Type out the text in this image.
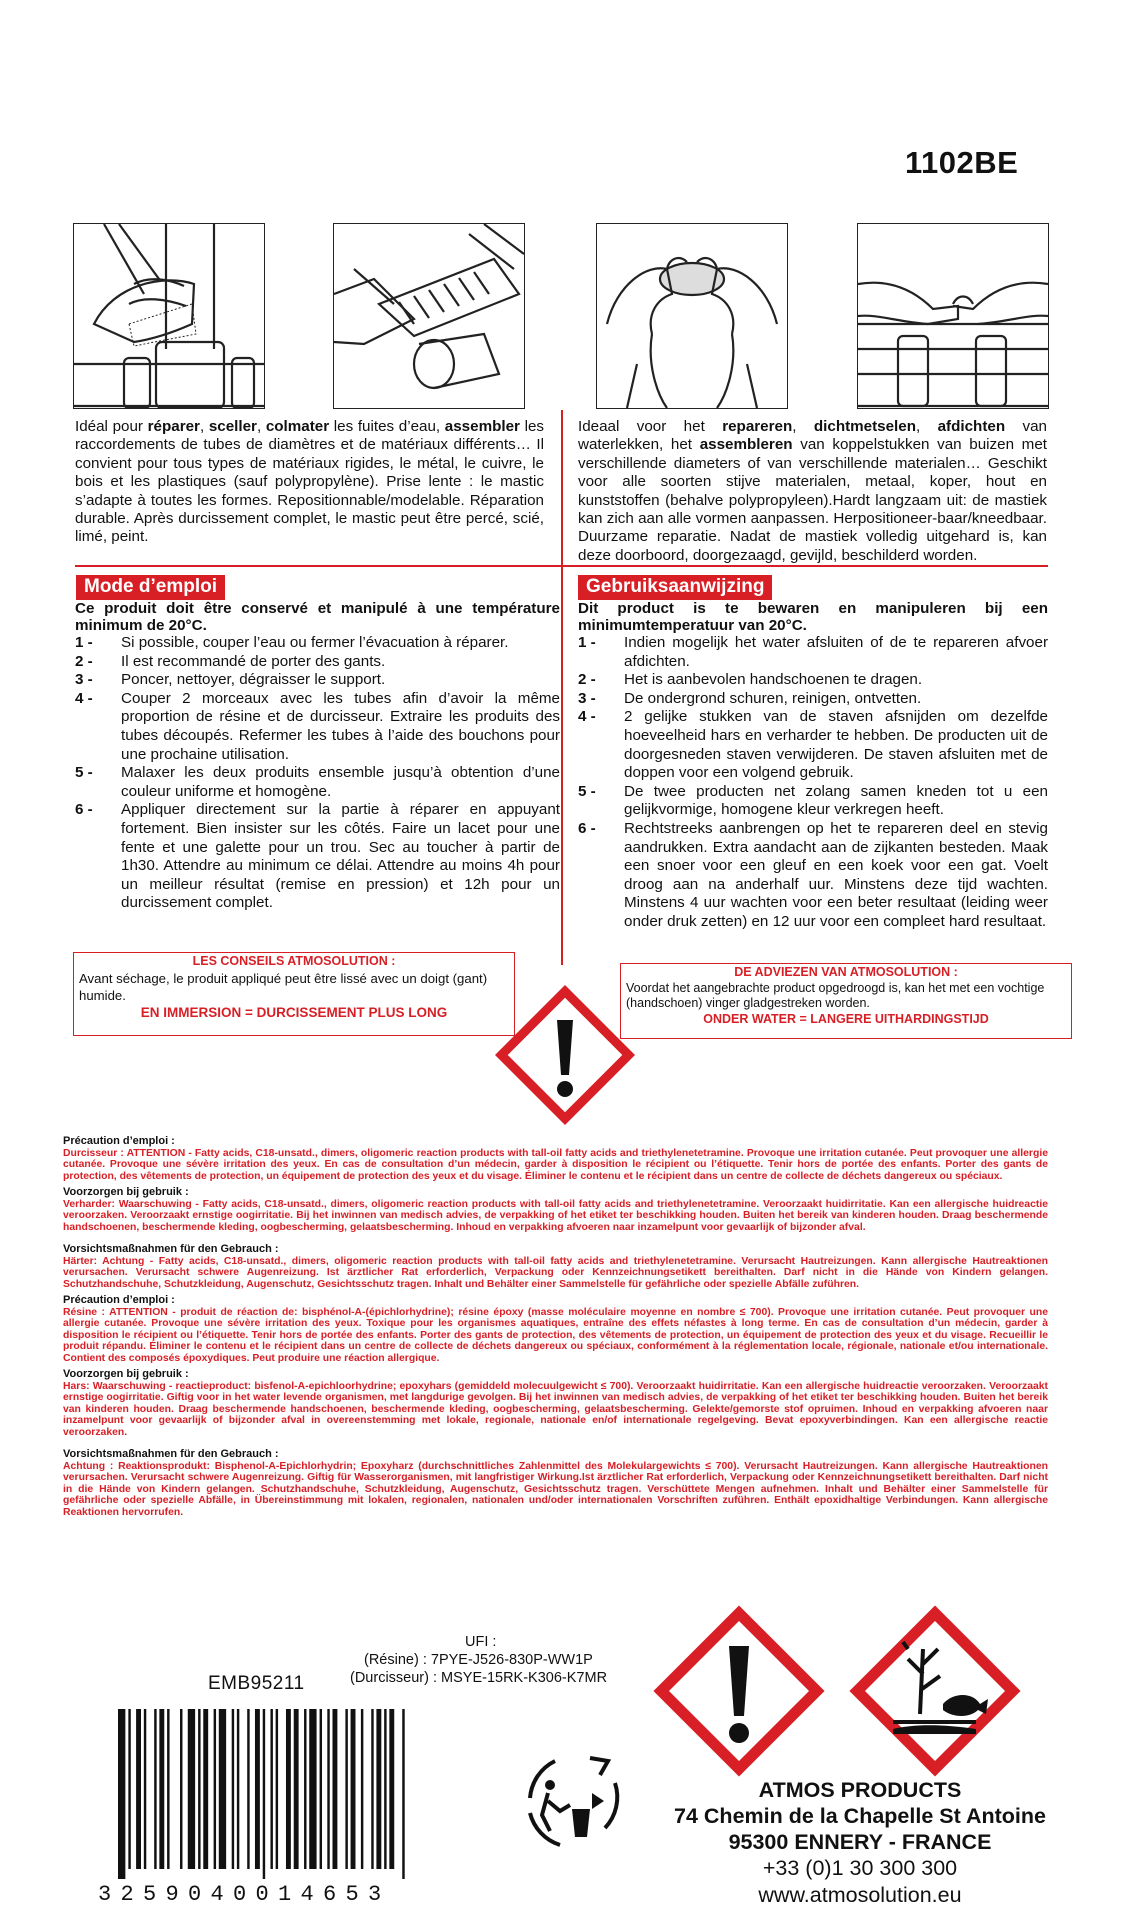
1102BE
Idéal pour réparer, sceller, colmater les fuites d’eau, assembler les raccordements de tubes de diamètres et de matériaux différents… Il convient pour tous types de matériaux rigides, le métal, le cuivre, le bois et les plastiques (sauf polypropylène). Prise lente : le mastic s’adapte à toutes les formes. Repositionnable/modelable. Réparation durable. Après durcissement complet, le mastic peut être percé, scié, limé, peint.
Ideaal voor het repareren, dichtmetselen, afdichten van waterlekken, het assembleren van koppelstukken van buizen met verschillende diameters of van verschillende materialen… Geschikt voor alle soorten stijve materialen, metaal, koper, hout en kunststoffen (behalve polypropyleen).Hardt langzaam uit: de mastiek kan zich aan alle vormen aanpassen. Herpositioneer-baar/kneedbaar. Duurzame reparatie. Nadat de mastiek volledig uitgehard is, kan deze doorboord, doorgezaagd, gevijld, beschilderd worden.
Mode d’emploi	Gebruiksaanwijzing
Ce produit doit être conservé et manipulé à une température minimum de 20°C.
1 -	Si possible, couper l’eau ou fermer l’évacuation à réparer.
2 -	Il est recommandé de porter des gants.
3 -	Poncer, nettoyer, dégraisser le support.
4 -	Couper 2 morceaux avec les tubes afin d’avoir la même proportion de résine et de durcisseur. Extraire les produits des tubes découpés. Refermer les tubes à l’aide des bouchons pour une prochaine utilisation.
5 -	Malaxer les deux produits ensemble jusqu’à obtention d’une couleur uniforme et homogène.
6 -	Appliquer directement sur la partie à réparer en appuyant fortement. Bien insister sur les côtés. Faire un lacet pour une fente et une galette pour un trou. Sec au toucher à partir de 1h30. Attendre au minimum ce délai. Attendre au moins 4h pour un meilleur résultat (remise en pression) et 12h pour un durcissement complet.
Dit product is te bewaren en manipuleren bij een minimumtemperatuur van 20°C.
1 -	Indien mogelijk het water afsluiten of de te repareren afvoer afdichten.
2 -	Het is aanbevolen handschoenen te dragen.
3 -	De ondergrond schuren, reinigen, ontvetten.
4 -	2 gelijke stukken van de staven afsnijden om dezelfde hoeveelheid hars en verharder te hebben. De producten uit de doorgesneden staven verwijderen. De staven afsluiten met de doppen voor een volgend gebruik.
5 -	De twee producten net zolang samen kneden tot u een gelijkvormige, homogene kleur verkregen heeft.
6 -	Rechtstreeks aanbrengen op het te repareren deel en stevig aandrukken. Extra aandacht aan de zijkanten besteden. Maak een snoer voor een gleuf en een koek voor een gat. Voelt droog aan na anderhalf uur. Minstens deze tijd wachten. Minstens 4 uur wachten voor een beter resultaat (leiding weer onder druk zetten) en 12 uur voor een compleet hard resultaat.
LES CONSEILS ATMOSOLUTION :
Avant séchage, le produit appliqué peut être lissé avec un doigt (gant) humide.
EN IMMERSION = DURCISSEMENT PLUS LONG
DE ADVIEZEN VAN ATMOSOLUTION :
Voordat het aangebrachte product opgedroogd is, kan het met een vochtige (handschoen) vinger gladgestreken worden.
ONDER WATER = LANGERE UITHARDINGSTIJD
Précaution d’emploi :
Durcisseur : ATTENTION - Fatty acids, C18-unsatd., dimers, oligomeric reaction products with tall-oil fatty acids and triethylenetetramine. Provoque une irritation cutanée. Peut provoquer une allergie cutanée. Provoque une sévère irritation des yeux. En cas de consultation d’un médecin, garder à disposition le récipient ou l’étiquette. Tenir hors de portée des enfants. Porter des gants de protection, des vêtements de protection, un équipement de protection des yeux et du visage. Éliminer le contenu et le récipient dans un centre de collecte de déchets dangereux ou spéciaux.
Voorzorgen bij gebruik :
Verharder: Waarschuwing - Fatty acids, C18-unsatd., dimers, oligomeric reaction products with tall-oil fatty acids and triethylenetetramine. Veroorzaakt huidirritatie. Kan een allergische huidreactie veroorzaken. Veroorzaakt ernstige oogirritatie. Bij het inwinnen van medisch advies, de verpakking of het etiket ter beschikking houden. Buiten het bereik van kinderen houden. Draag beschermende handschoenen, beschermende kleding, oogbescherming, gelaatsbescherming. Inhoud en verpakking afvoeren naar inzamelpunt voor gevaarlijk of bijzonder afval.
Vorsichtsmaßnahmen für den Gebrauch :
Härter: Achtung - Fatty acids, C18-unsatd., dimers, oligomeric reaction products with tall-oil fatty acids and triethylenetetramine. Verursacht Hautreizungen. Kann allergische Hautreaktionen verursachen. Verursacht schwere Augenreizung. Ist ärztlicher Rat erforderlich, Verpackung oder Kennzeichnungsetikett bereithalten. Darf nicht in die Hände von Kindern gelangen. Schutzhandschuhe, Schutzkleidung, Augenschutz, Gesichtsschutz tragen. Inhalt und Behälter einer Sammelstelle für gefährliche oder spezielle Abfälle zuführen.
Précaution d’emploi :
Résine : ATTENTION - produit de réaction de: bisphénol-A-(épichlorhydrine); résine époxy (masse moléculaire moyenne en nombre ≤ 700). Provoque une irritation cutanée. Peut provoquer une allergie cutanée. Provoque une sévère irritation des yeux. Toxique pour les organismes aquatiques, entraîne des effets néfastes à long terme. En cas de consultation d’un médecin, garder à disposition le récipient ou l’étiquette. Tenir hors de portée des enfants. Porter des gants de protection, des vêtements de protection, un équipement de protection des yeux et du visage. Recueillir le produit répandu. Éliminer le contenu et le récipient dans un centre de collecte de déchets dangereux ou spéciaux, conformément à la réglementation locale, régionale, nationale et/ou internationale. Contient des composés époxydiques. Peut produire une réaction allergique.
Voorzorgen bij gebruik :
Hars: Waarschuwing - reactieproduct: bisfenol-A-epichloorhydrine; epoxyhars (gemiddeld molecuulgewicht ≤ 700). Veroorzaakt huidirritatie. Kan een allergische huidreactie veroorzaken. Veroorzaakt ernstige oogirritatie. Giftig voor in het water levende organismen, met langdurige gevolgen. Bij het inwinnen van medisch advies, de verpakking of het etiket ter beschikking houden. Buiten het bereik van kinderen houden. Draag beschermende handschoenen, beschermende kleding, oogbescherming, gelaatsbescherming. Gelekte/gemorste stof opruimen. Inhoud en verpakking afvoeren naar inzamelpunt voor gevaarlijk of bijzonder afval in overeenstemming met lokale, regionale, nationale en/of internationale regelgeving. Bevat epoxyverbindingen. Kan een allergische reactie veroorzaken.
Vorsichtsmaßnahmen für den Gebrauch :
Achtung : Reaktionsprodukt: Bisphenol-A-Epichlorhydrin; Epoxyharz (durchschnittliches Zahlenmittel des Molekulargewichts ≤ 700). Verursacht Hautreizungen. Kann allergische Hautreaktionen verursachen. Verursacht schwere Augenreizung. Giftig für Wasserorganismen, mit langfristiger Wirkung.Ist ärztlicher Rat erforderlich, Verpackung oder Kennzeichnungsetikett bereithalten. Darf nicht in die Hände von Kindern gelangen. Schutzhandschuhe, Schutzkleidung, Augenschutz, Gesichtsschutz tragen. Verschüttete Mengen aufnehmen. Inhalt und Behälter einer Sammelstelle für gefährliche oder spezielle Abfälle, in Übereinstimmung mit lokalen, regionalen, nationalen und/oder internationalen Vorschriften zuführen. Enthält epoxidhaltige Verbindungen. Kann allergische Reaktionen hervorrufen.
UFI :
(Résine) : 7PYE-J526-830P-WW1P
(Durcisseur) : MSYE-15RK-K306-K7MR
EMB95211
3259040014653
ATMOS PRODUCTS
74 Chemin de la Chapelle St Antoine
95300 ENNERY - FRANCE
+33 (0)1 30 300 300
www.atmosolution.eu
